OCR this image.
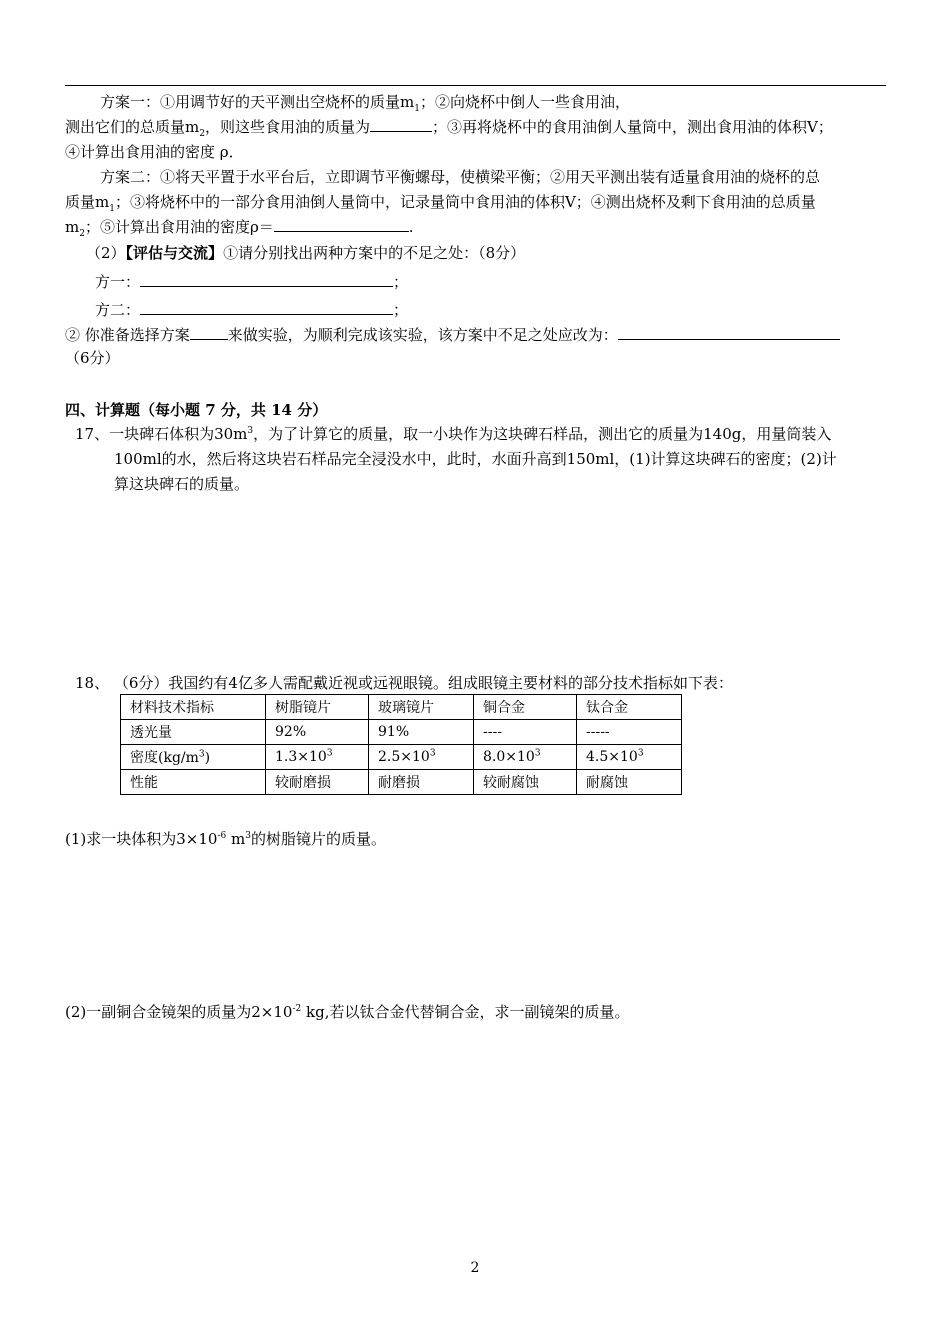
方案一：①用调节好的天平测出空烧杯的质量$m_1$；②向烧杯中倒人一些食用油，
测出它们的总质量$m_2$，则这些食用油的质量为	；③再将烧杯中的食用油倒人量筒中，测出食用油的体积V；
④计算出食用油的密度 ρ．
方案二：①将天平置于水平台后，立即调节平衡螺母，使横梁平衡；②用天平测出装有适量食用油的烧杯的总
质量$m_1$；③将烧杯中的一部分食用油倒人量筒中，记录量筒中食用油的体积V；④测出烧杯及剩下食用油的总质量
$m_2$；⑤计算出食用油的密度ρ＝	.
（2）【评估与交流】①请分别找出两种方案中的不足之处：（8分）
方一：	；
方二：	；
② 你准备选择方案	来做实验，为顺利完成该实验，该方案中不足之处应改为：
（6分）
四、计算题（每小题 7 分，共 14 分）
17、一块碑石体积为$30m^3$，为了计算它的质量，取一小块作为这块碑石样品，测出它的质量为140g，用量筒装入
100ml的水，然后将这块岩石样品完全浸没水中，此时，水面升高到150ml，(1)计算这块碑石的密度；(2)计
算这块碑石的质量。
18、 （6分）我国约有4亿多人需配戴近视或远视眼镜。组成眼镜主要材料的部分技术指标如下表：
材料技术指标	树脂镜片	玻璃镜片	铜合金	钛合金
透光量	92%	91%	----	-----
密度$(kg/m^3)$	$1.3\times 10^3$	$2.5\times 10^3$	$8.0\times 10^3$	$4.5\times 10^3$
性能	较耐磨损	耐磨损	较耐腐蚀	耐腐蚀
(1)求一块体积为$3\times 10^{-6}$ $m^3$的树脂镜片的质量。
(2)一副铜合金镜架的质量为$2\times 10^{-2}$ kg,若以钛合金代替铜合金，求一副镜架的质量。
2
